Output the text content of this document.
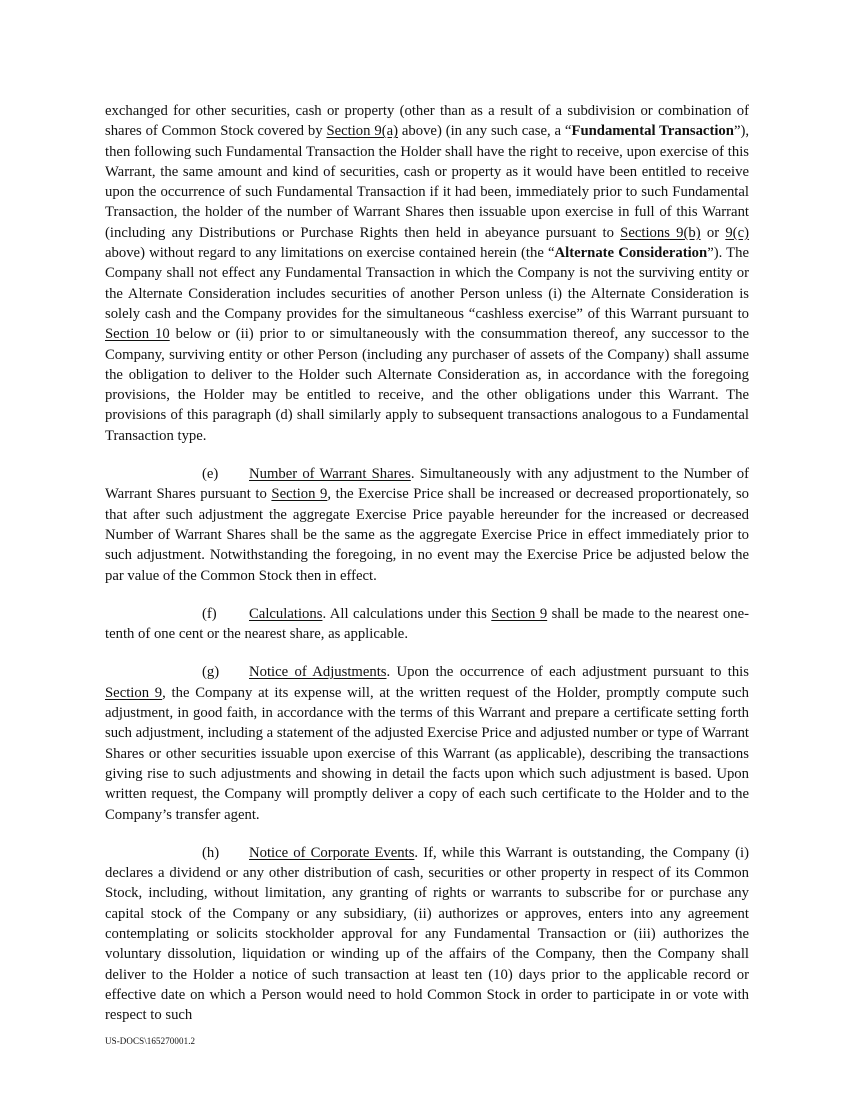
exchanged for other securities, cash or property (other than as a result of a subdivision or combination of shares of Common Stock covered by Section 9(a) above) (in any such case, a “Fundamental Transaction”), then following such Fundamental Transaction the Holder shall have the right to receive, upon exercise of this Warrant, the same amount and kind of securities, cash or property as it would have been entitled to receive upon the occurrence of such Fundamental Transaction if it had been, immediately prior to such Fundamental Transaction, the holder of the number of Warrant Shares then issuable upon exercise in full of this Warrant (including any Distributions or Purchase Rights then held in abeyance pursuant to Sections 9(b) or 9(c) above) without regard to any limitations on exercise contained herein (the “Alternate Consideration”). The Company shall not effect any Fundamental Transaction in which the Company is not the surviving entity or the Alternate Consideration includes securities of another Person unless (i) the Alternate Consideration is solely cash and the Company provides for the simultaneous “cashless exercise” of this Warrant pursuant to Section 10 below or (ii) prior to or simultaneously with the consummation thereof, any successor to the Company, surviving entity or other Person (including any purchaser of assets of the Company) shall assume the obligation to deliver to the Holder such Alternate Consideration as, in accordance with the foregoing provisions, the Holder may be entitled to receive, and the other obligations under this Warrant. The provisions of this paragraph (d) shall similarly apply to subsequent transactions analogous to a Fundamental Transaction type.

(e) Number of Warrant Shares. Simultaneously with any adjustment to the Number of Warrant Shares pursuant to Section 9, the Exercise Price shall be increased or decreased proportionately, so that after such adjustment the aggregate Exercise Price payable hereunder for the increased or decreased Number of Warrant Shares shall be the same as the aggregate Exercise Price in effect immediately prior to such adjustment. Notwithstanding the foregoing, in no event may the Exercise Price be adjusted below the par value of the Common Stock then in effect.

(f) Calculations. All calculations under this Section 9 shall be made to the nearest one-tenth of one cent or the nearest share, as applicable.

(g) Notice of Adjustments. Upon the occurrence of each adjustment pursuant to this Section 9, the Company at its expense will, at the written request of the Holder, promptly compute such adjustment, in good faith, in accordance with the terms of this Warrant and prepare a certificate setting forth such adjustment, including a statement of the adjusted Exercise Price and adjusted number or type of Warrant Shares or other securities issuable upon exercise of this Warrant (as applicable), describing the transactions giving rise to such adjustments and showing in detail the facts upon which such adjustment is based. Upon written request, the Company will promptly deliver a copy of each such certificate to the Holder and to the Company’s transfer agent.

(h) Notice of Corporate Events. If, while this Warrant is outstanding, the Company (i) declares a dividend or any other distribution of cash, securities or other property in respect of its Common Stock, including, without limitation, any granting of rights or warrants to subscribe for or purchase any capital stock of the Company or any subsidiary, (ii) authorizes or approves, enters into any agreement contemplating or solicits stockholder approval for any Fundamental Transaction or (iii) authorizes the voluntary dissolution, liquidation or winding up of the affairs of the Company, then the Company shall deliver to the Holder a notice of such transaction at least ten (10) days prior to the applicable record or effective date on which a Person would need to hold Common Stock in order to participate in or vote with respect to such

US-DOCS\165270001.2
